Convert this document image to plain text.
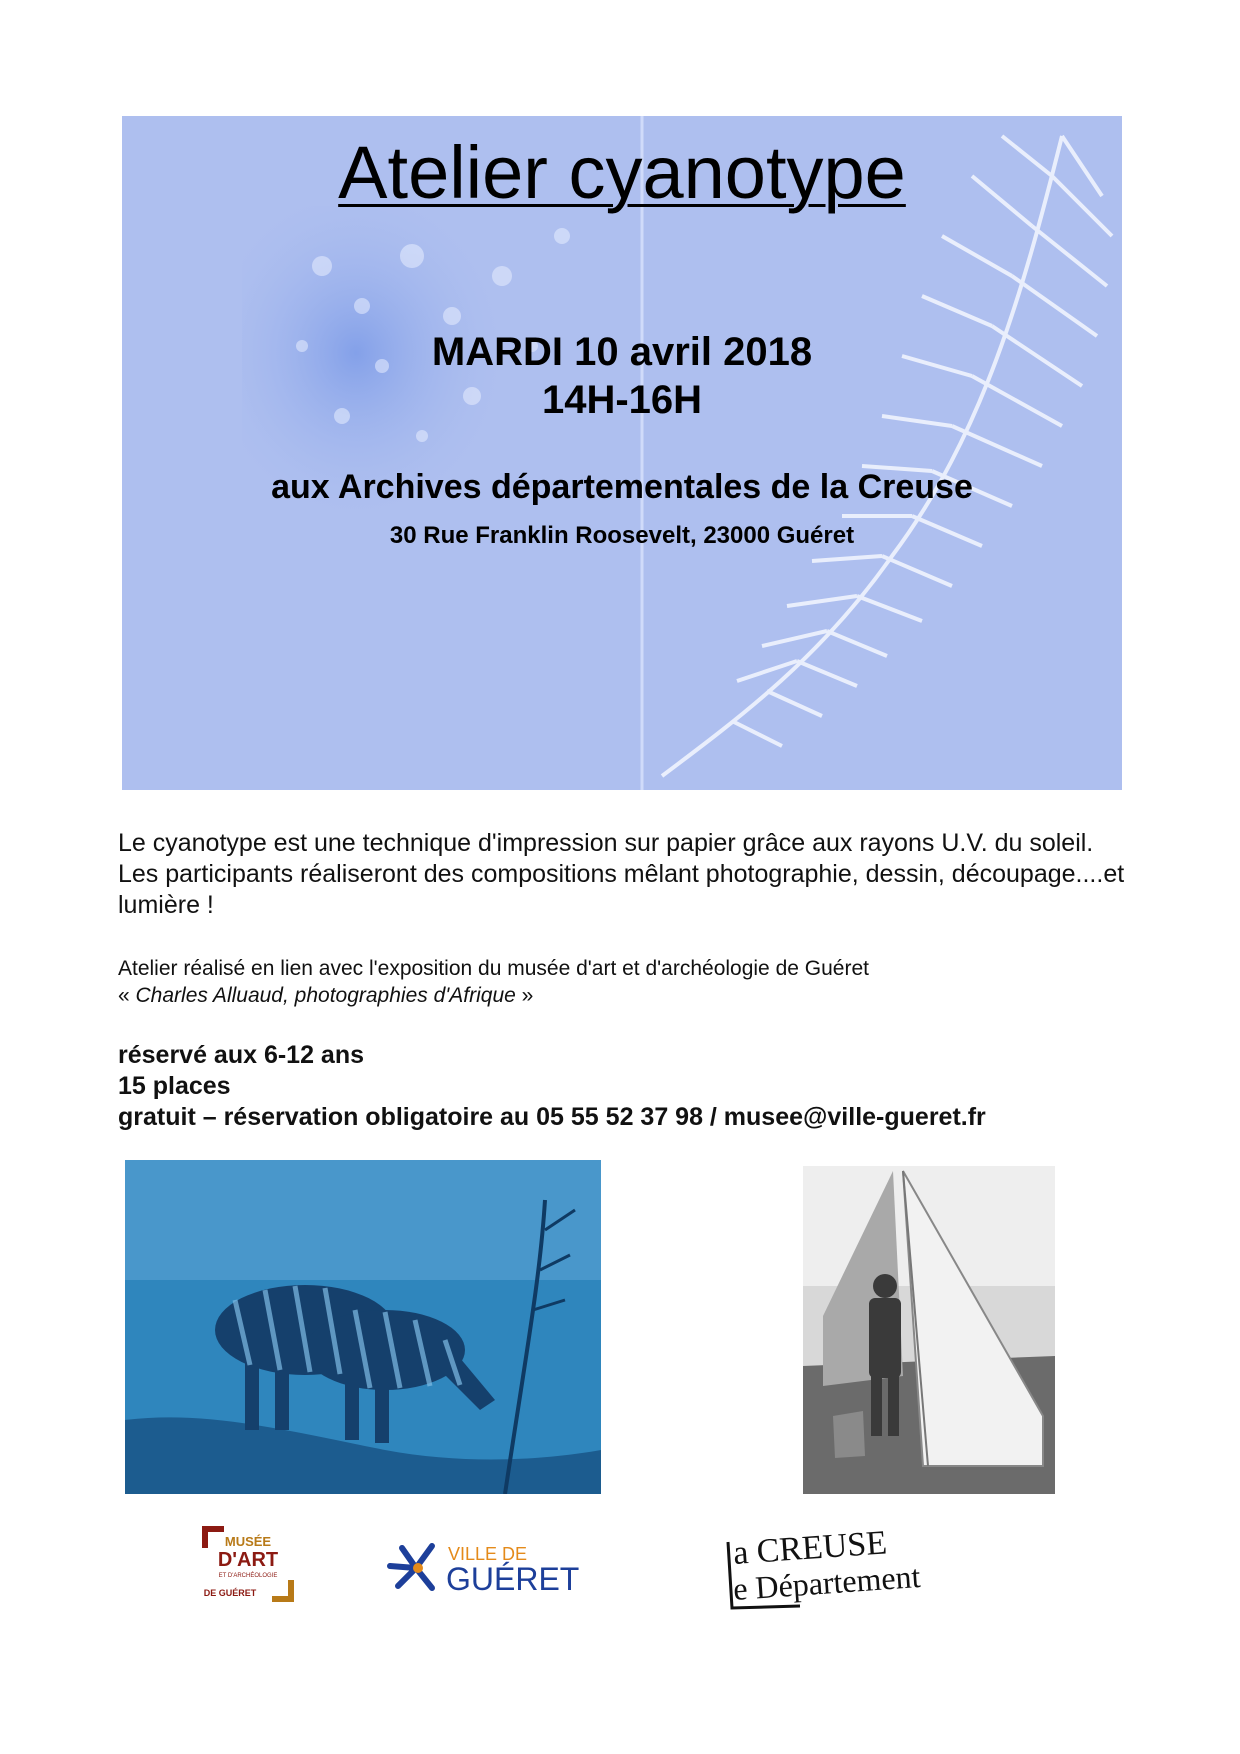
Atelier cyanotype
MARDI 10 avril 2018
14H-16H
aux Archives départementales de la Creuse
30 Rue Franklin Roosevelt, 23000 Guéret

Le cyanotype est une technique d'impression sur papier grâce aux rayons U.V. du soleil. Les participants réaliseront des compositions mêlant photographie, dessin, découpage....et lumière !

Atelier réalisé en lien avec l'exposition du musée d'art et d'archéologie de Guéret
« Charles Alluaud, photographies d'Afrique »
réservé aux 6-12 ans
15 places
gratuit – réservation obligatoire au 05 55 52 37 98 / musee@ville-gueret.fr
MUSÉE
D'ART
ET D'ARCHÉOLOGIE
DE GUÉRET
VILLE DE
GUÉRET
a CREUSE
e Département
